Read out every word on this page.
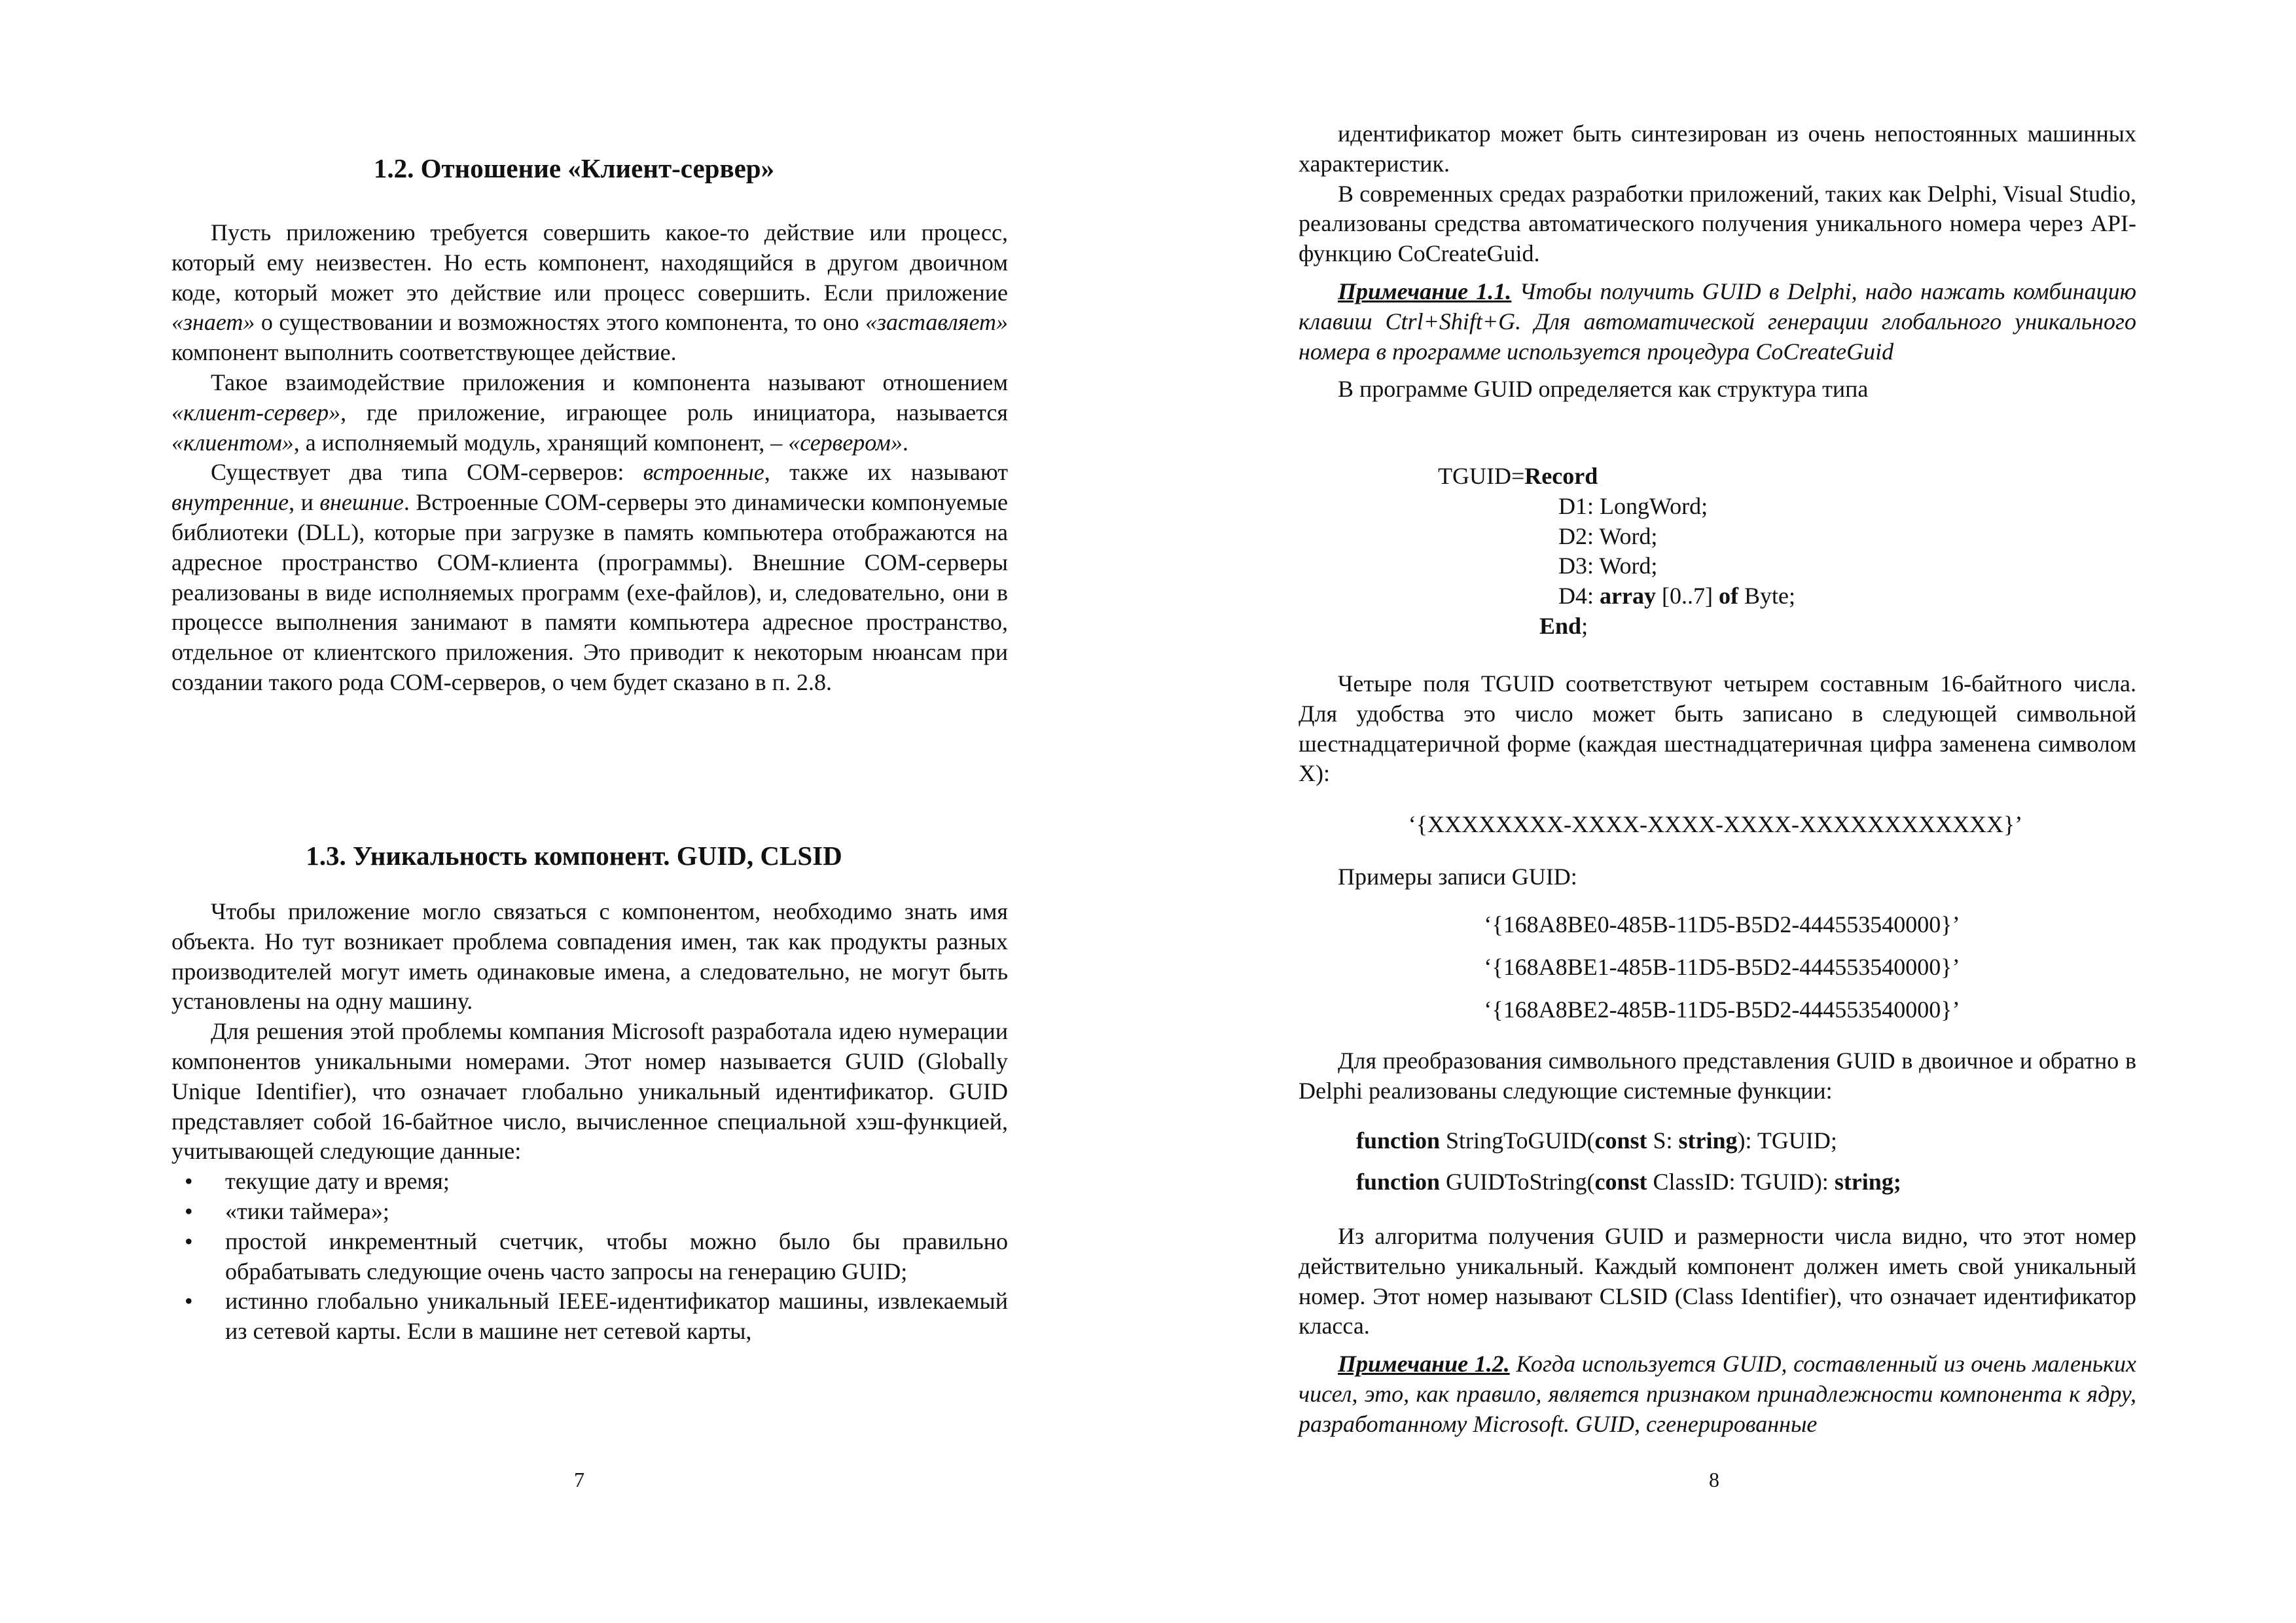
1.2. Отношение «Клиент-сервер»

Пусть приложению требуется совершить какое-то действие или процесс, который ему неизвестен. Но есть компонент, находящийся в другом двоичном коде, который может это действие или процесс совершить. Если приложение «знает» о существовании и возможностях этого компонента, то оно «заставляет» компонент выполнить соответствующее действие.

Такое взаимодействие приложения и компонента называют отношением «клиент-сервер», где приложение, играющее роль инициатора, называется «клиентом», а исполняемый модуль, хранящий компонент, – «сервером».

Существует два типа COM-серверов: встроенные, также их называют внутренние, и внешние. Встроенные COM-серверы это динамически компонуемые библиотеки (DLL), которые при загрузке в память компьютера отображаются на адресное пространство COM-клиента (программы). Внешние COM-серверы реализованы в виде исполняемых программ (exe-файлов), и, следовательно, они в процессе выполнения занимают в памяти компьютера адресное пространство, отдельное от клиентского приложения. Это приводит к некоторым нюансам при создании такого рода COM-серверов, о чем будет сказано в п. 2.8.

1.3. Уникальность компонент. GUID, CLSID

Чтобы приложение могло связаться с компонентом, необходимо знать имя объекта. Но тут возникает проблема совпадения имен, так как продукты разных производителей могут иметь одинаковые имена, а следовательно, не могут быть установлены на одну машину.

Для решения этой проблемы компания Microsoft разработала идею нумерации компонентов уникальными номерами. Этот номер называется GUID (Globally Unique Identifier), что означает глобально уникальный идентификатор. GUID представляет собой 16-байтное число, вычисленное специальной хэш-функцией, учитывающей следующие данные:

• текущие дату и время;
• «тики таймера»;
• простой инкрементный счетчик, чтобы можно было бы правильно обрабатывать следующие очень часто запросы на генерацию GUID;
• истинно глобально уникальный IEEE-идентификатор машины, извлекаемый из сетевой карты. Если в машине нет сетевой карты,
7

идентификатор может быть синтезирован из очень непостоянных машинных характеристик.

В современных средах разработки приложений, таких как Delphi, Visual Studio, реализованы средства автоматического получения уникального номера через API-функцию CoCreateGuid.

Примечание 1.1. Чтобы получить GUID в Delphi, надо нажать комбинацию клавиш Ctrl+Shift+G. Для автоматической генерации глобального уникального номера в программе используется процедура CoCreateGuid

В программе GUID определяется как структура типа

TGUID=Record
D1: LongWord;
D2: Word;
D3: Word;
D4: array [0..7] of Byte;
End;

Четыре поля TGUID соответствуют четырем составным 16-байтного числа. Для удобства это число может быть записано в следующей символьной шестнадцатеричной форме (каждая шестнадцатеричная цифра заменена символом X):

‘{XXXXXXXX-XXXX-XXXX-XXXX-XXXXXXXXXXXX}’

Примеры записи GUID:

‘{168A8BE0-485B-11D5-B5D2-444553540000}’
‘{168A8BE1-485B-11D5-B5D2-444553540000}’
‘{168A8BE2-485B-11D5-B5D2-444553540000}’

Для преобразования символьного представления GUID в двоичное и обратно в Delphi реализованы следующие системные функции:

function StringToGUID(const S: string): TGUID;
function GUIDToString(const ClassID: TGUID): string;

Из алгоритма получения GUID и размерности числа видно, что этот номер действительно уникальный. Каждый компонент должен иметь свой уникальный номер. Этот номер называют CLSID (Class Identifier), что означает идентификатор класса.

Примечание 1.2. Когда используется GUID, составленный из очень маленьких чисел, это, как правило, является признаком принадлежности компонента к ядру, разработанному Microsoft. GUID, сгенерированные

8
